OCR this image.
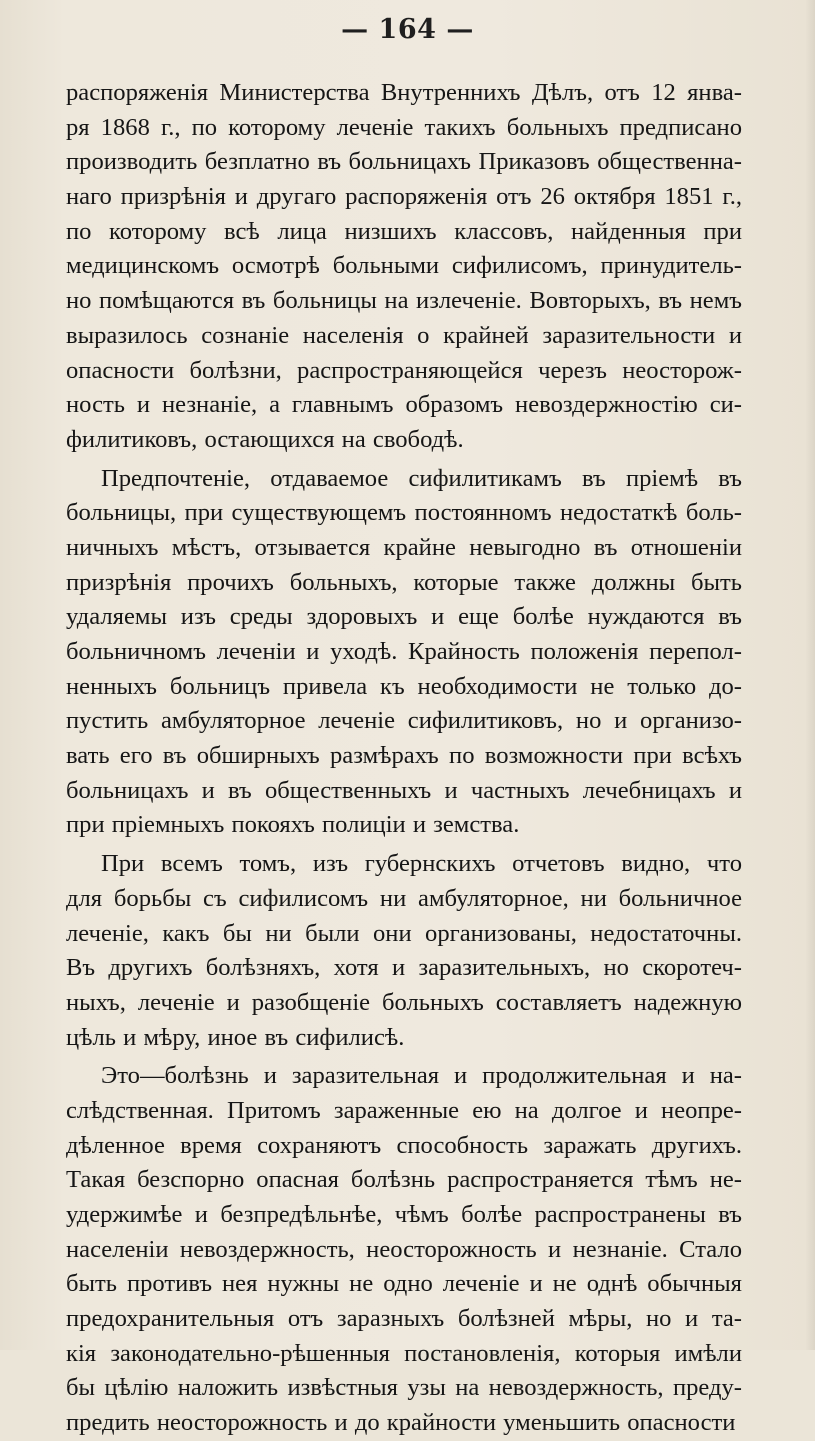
— 164 —
распоряженія Министерства Внутреннихъ Дѣлъ, отъ 12 янва-
ря 1868 г., по которому леченіе такихъ больныхъ предписано
производить безплатно въ больницахъ Приказовъ общественна-
наго призрѣнія и другаго распоряженія отъ 26 октября 1851 г.,
по которому всѣ лица низшихъ классовъ, найденныя при
медицинскомъ осмотрѣ больными сифилисомъ, принудитель-
но помѣщаются въ больницы на излеченіе. Вовторыхъ, въ немъ
выразилось сознаніе населенія о крайней заразительности и
опасности болѣзни, распространяющейся черезъ неосторож-
ность и незнаніе, а главнымъ образомъ невоздержностію си-
филитиковъ, остающихся на свободѣ.
Предпочтеніе, отдаваемое сифилитикамъ въ пріемѣ въ
больницы, при существующемъ постоянномъ недостаткѣ боль-
ничныхъ мѣстъ, отзывается крайне невыгодно въ отношеніи
призрѣнія прочихъ больныхъ, которые также должны быть
удаляемы изъ среды здоровыхъ и еще болѣе нуждаются въ
больничномъ леченіи и уходѣ. Крайность положенія перепол-
ненныхъ больницъ привела къ необходимости не только до-
пустить амбуляторное леченіе сифилитиковъ, но и организо-
вать его въ обширныхъ размѣрахъ по возможности при всѣхъ
больницахъ и въ общественныхъ и частныхъ лечебницахъ и
при пріемныхъ покояхъ полиціи и земства.
При всемъ томъ, изъ губернскихъ отчетовъ видно, что
для борьбы съ сифилисомъ ни амбуляторное, ни больничное
леченіе, какъ бы ни были они организованы, недостаточны.
Въ другихъ болѣзняхъ, хотя и заразительныхъ, но скоротеч-
ныхъ, леченіе и разобщеніе больныхъ составляетъ надежную
цѣль и мѣру, иное въ сифилисѣ.
Это—болѣзнь и заразительная и продолжительная и на-
слѣдственная. Притомъ зараженные ею на долгое и неопре-
дѣленное время сохраняютъ способность заражать другихъ.
Такая безспорно опасная болѣзнь распространяется тѣмъ не-
удержимѣе и безпредѣльнѣе, чѣмъ болѣе распространены въ
населеніи невоздержность, неосторожность и незнаніе. Стало
быть противъ нея нужны не одно леченіе и не однѣ обычныя
предохранительныя отъ заразныхъ болѣзней мѣры, но и та-
кія законодательно-рѣшенныя постановленія, которыя имѣли
бы цѣлію наложить извѣстныя узы на невоздержность, преду-
предить неосторожность и до крайности уменьшить опасности
